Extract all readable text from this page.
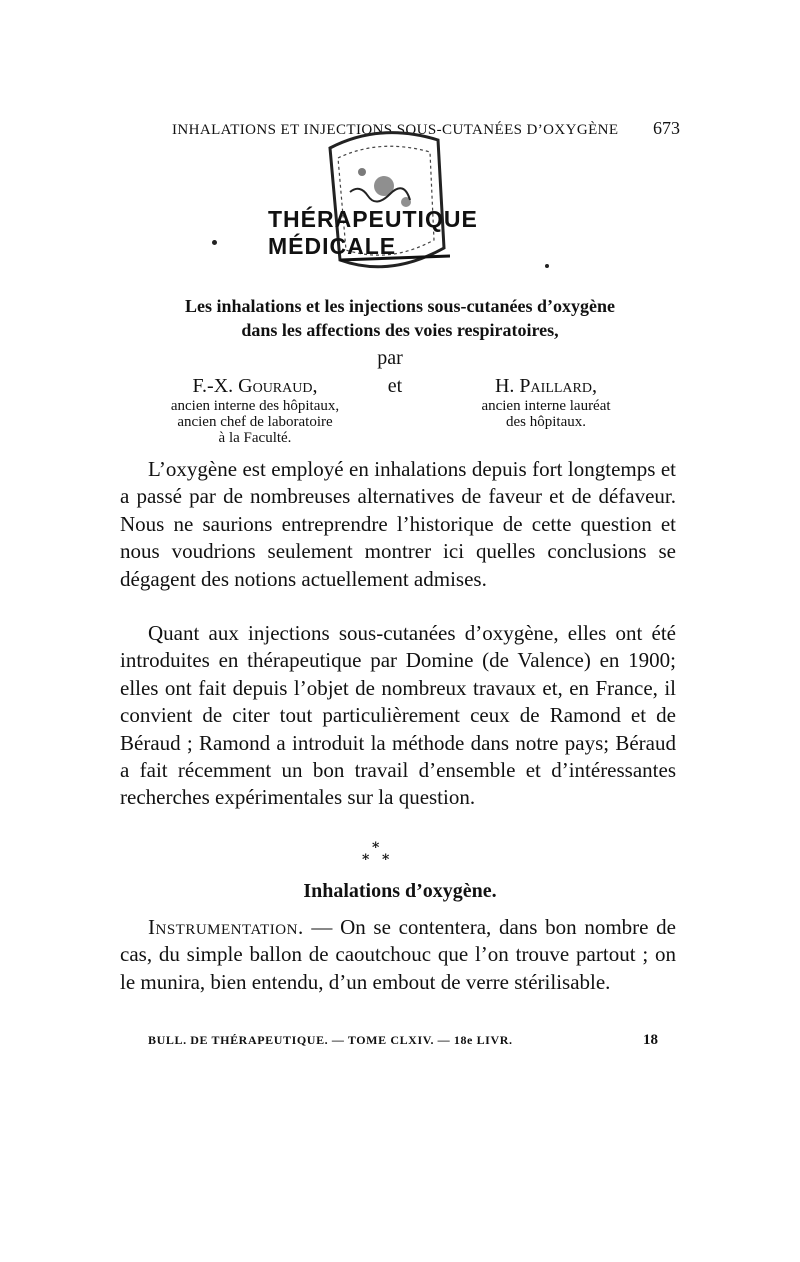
INHALATIONS ET INJECTIONS SOUS-CUTANÉES D’OXYGÈNE 673
THÉRAPEUTIQUE MÉDICALE
Les inhalations et les injections sous-cutanées d’oxygène
dans les affections des voies respiratoires,
par
F.-X. Gouraud,
ancien interne des hôpitaux,
ancien chef de laboratoire
à la Faculté.
et	H. Paillard,
ancien interne lauréat
des hôpitaux.

L’oxygène est employé en inhalations depuis fort longtemps et a passé par de nombreuses alternatives de faveur et de défaveur. Nous ne saurions entreprendre l’historique de cette question et nous voudrions seulement montrer ici quelles conclusions se dégagent des notions actuellement admises.

Quant aux injections sous-cutanées d’oxygène, elles ont été introduites en thérapeutique par Domine (de Valence) en 1900; elles ont fait depuis l’objet de nombreux travaux et, en France, il convient de citer tout particulièrement ceux de Ramond et de Béraud ; Ramond a introduit la méthode dans notre pays; Béraud a fait récemment un bon travail d’ensemble et d’intéressantes recherches expérimentales sur la question.

*
* *
Inhalations d’oxygène.

Instrumentation. — On se contentera, dans bon nombre de cas, du simple ballon de caoutchouc que l’on trouve partout ; on le munira, bien entendu, d’un embout de verre stérilisable.

BULL. DE THÉRAPEUTIQUE. — TOME CLXIV. — 18e LIVR.	18
